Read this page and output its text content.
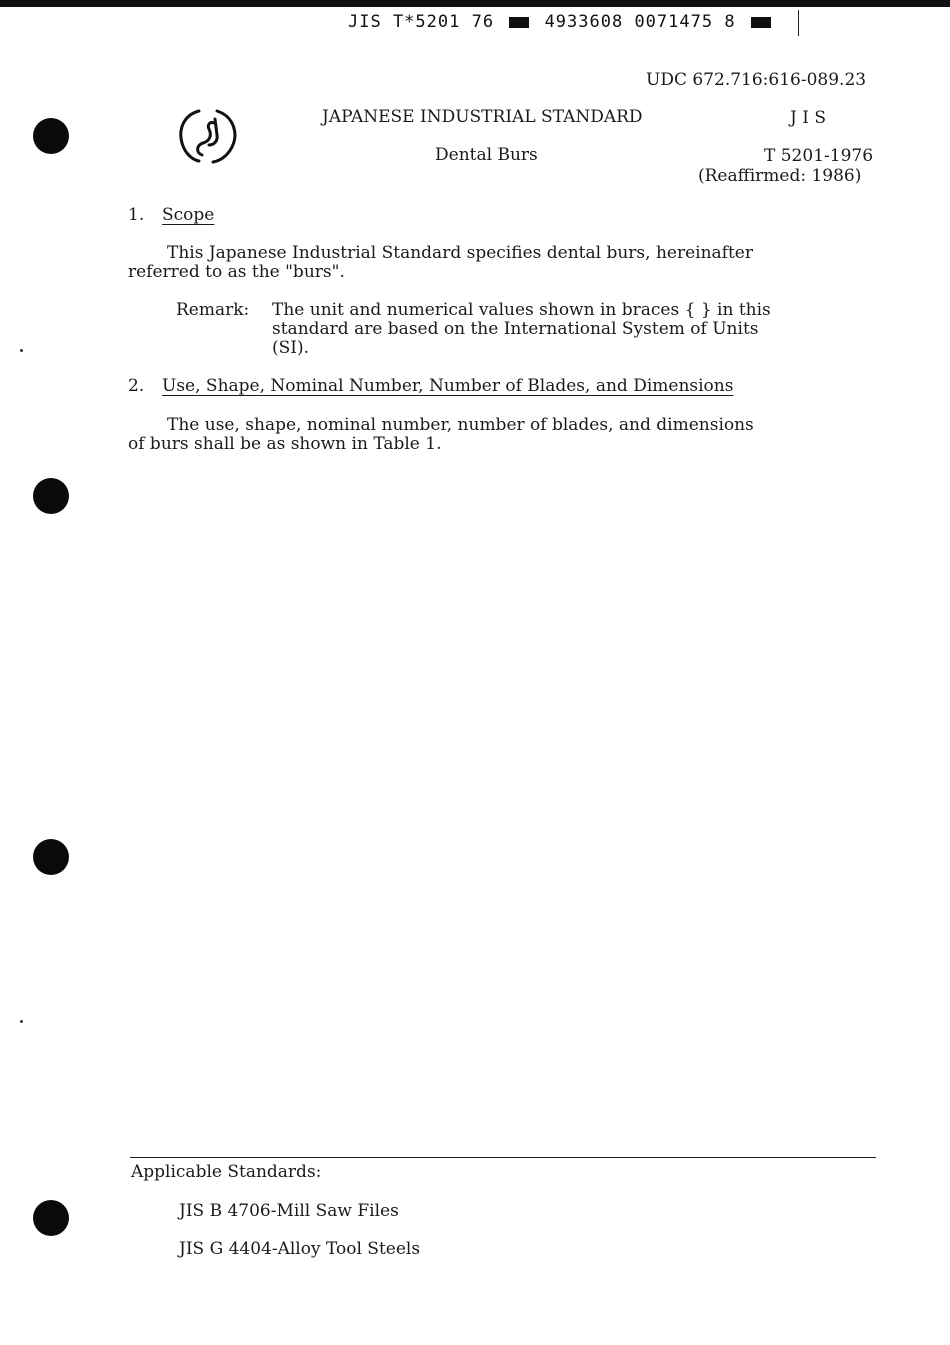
JIS T*5201 76	4933608 0071475 8
UDC 672.716:616-089.23
JAPANESE INDUSTRIAL STANDARD	J I S
Dental Burs	T 5201-1976
(Reaffirmed: 1986)
1. Scope
This Japanese Industrial Standard specifies dental burs, hereinafter
referred to as the "burs".
Remark: The unit and numerical values shown in braces { } in this
standard are based on the International System of Units
(SI).
2. Use, Shape, Nominal Number, Number of Blades, and Dimensions
The use, shape, nominal number, number of blades, and dimensions
of burs shall be as shown in Table 1.
Applicable Standards:
JIS B 4706-Mill Saw Files
JIS G 4404-Alloy Tool Steels
